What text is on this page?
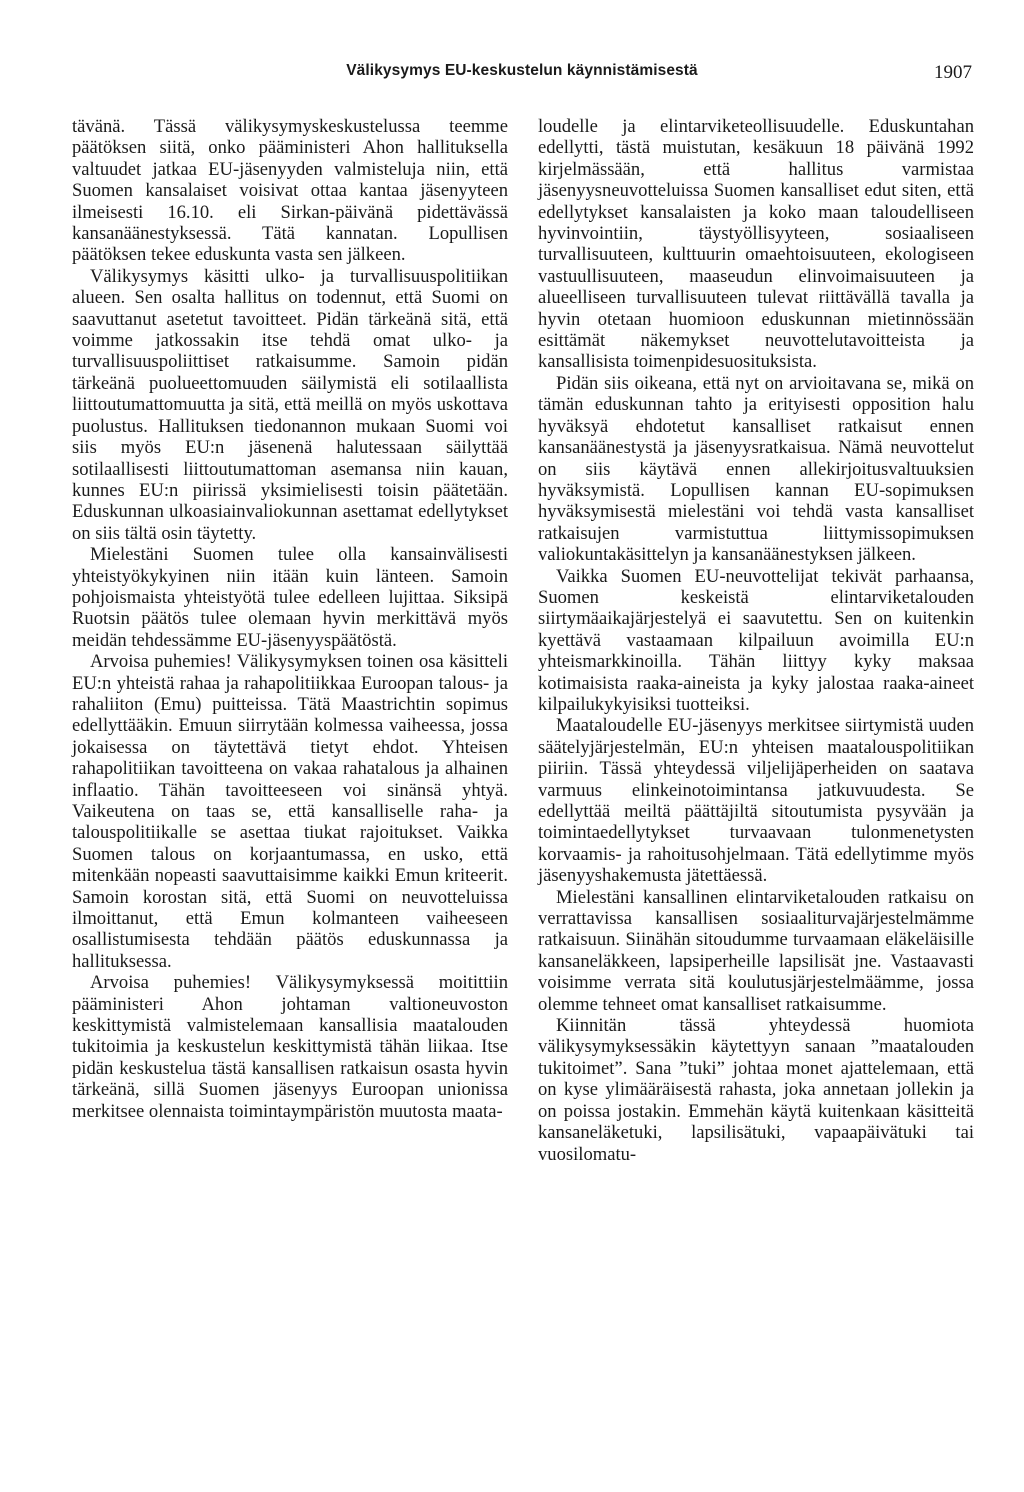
Välikysymys EU-keskustelun käynnistämisestä	1907

tävänä. Tässä välikysymyskeskustelussa teemme päätöksen siitä, onko pääministeri Ahon hallituksella valtuudet jatkaa EU-jäsenyyden valmisteluja niin, että Suomen kansalaiset voisivat ottaa kantaa jäsenyyteen ilmeisesti 16.10. eli Sirkan-päivänä pidettävässä kansanäänestyksessä. Tätä kannatan. Lopullisen päätöksen tekee eduskunta vasta sen jälkeen.

Välikysymys käsitti ulko- ja turvallisuuspolitiikan alueen. Sen osalta hallitus on todennut, että Suomi on saavuttanut asetetut tavoitteet. Pidän tärkeänä sitä, että voimme jatkossakin itse tehdä omat ulko- ja turvallisuuspoliittiset ratkaisumme. Samoin pidän tärkeänä puolueettomuuden säilymistä eli sotilaallista liittoutumattomuutta ja sitä, että meillä on myös uskottava puolustus. Hallituksen tiedonannon mukaan Suomi voi siis myös EU:n jäsenenä halutessaan säilyttää sotilaallisesti liittoutumattoman asemansa niin kauan, kunnes EU:n piirissä yksimielisesti toisin päätetään. Eduskunnan ulkoasiainvaliokunnan asettamat edellytykset on siis tältä osin täytetty.

Mielestäni Suomen tulee olla kansainvälisesti yhteistyökykyinen niin itään kuin länteen. Samoin pohjoismaista yhteistyötä tulee edelleen lujittaa. Siksipä Ruotsin päätös tulee olemaan hyvin merkittävä myös meidän tehdessämme EU-jäsenyyspäätöstä.

Arvoisa puhemies! Välikysymyksen toinen osa käsitteli EU:n yhteistä rahaa ja rahapolitiikkaa Euroopan talous- ja rahaliiton (Emu) puitteissa. Tätä Maastrichtin sopimus edellyttääkin. Emuun siirrytään kolmessa vaiheessa, jossa jokaisessa on täytettävä tietyt ehdot. Yhteisen rahapolitiikan tavoitteena on vakaa rahatalous ja alhainen inflaatio. Tähän tavoitteeseen voi sinänsä yhtyä. Vaikeutena on taas se, että kansalliselle raha- ja talouspolitiikalle se asettaa tiukat rajoitukset. Vaikka Suomen talous on korjaantumassa, en usko, että mitenkään nopeasti saavuttaisimme kaikki Emun kriteerit. Samoin korostan sitä, että Suomi on neuvotteluissa ilmoittanut, että Emun kolmanteen vaiheeseen osallistumisesta tehdään päätös eduskunnassa ja hallituksessa.

Arvoisa puhemies! Välikysymyksessä moitittiin pääministeri Ahon johtaman valtioneuvoston keskittymistä valmistelemaan kansallisia maatalouden tukitoimia ja keskustelun keskittymistä tähän liikaa. Itse pidän keskustelua tästä kansallisen ratkaisun osasta hyvin tärkeänä, sillä Suomen jäsenyys Euroopan unionissa merkitsee olennaista toimintaympäristön muutosta maata-

loudelle ja elintarviketeollisuudelle. Eduskuntahan edellytti, tästä muistutan, kesäkuun 18 päivänä 1992 kirjelmässään, että hallitus varmistaa jäsenyysneuvotteluissa Suomen kansalliset edut siten, että edellytykset kansalaisten ja koko maan taloudelliseen hyvinvointiin, täystyöllisyyteen, sosiaaliseen turvallisuuteen, kulttuurin omaehtoisuuteen, ekologiseen vastuullisuuteen, maaseudun elinvoimaisuuteen ja alueelliseen turvallisuuteen tulevat riittävällä tavalla ja hyvin otetaan huomioon eduskunnan mietinnössään esittämät näkemykset neuvottelutavoitteista ja kansallisista toimenpidesuosituksista.

Pidän siis oikeana, että nyt on arvioitavana se, mikä on tämän eduskunnan tahto ja erityisesti opposition halu hyväksyä ehdotetut kansalliset ratkaisut ennen kansanäänestystä ja jäsenyysratkaisua. Nämä neuvottelut on siis käytävä ennen allekirjoitusvaltuuksien hyväksymistä. Lopullisen kannan EU-sopimuksen hyväksymisestä mielestäni voi tehdä vasta kansalliset ratkaisujen varmistuttua liittymissopimuksen valiokuntakäsittelyn ja kansanäänestyksen jälkeen.

Vaikka Suomen EU-neuvottelijat tekivät parhaansa, Suomen keskeistä elintarviketalouden siirtymäaikajärjestelyä ei saavutettu. Sen on kuitenkin kyettävä vastaamaan kilpailuun avoimilla EU:n yhteismarkkinoilla. Tähän liittyy kyky maksaa kotimaisista raaka-aineista ja kyky jalostaa raaka-aineet kilpailukykyisiksi tuotteiksi.

Maataloudelle EU-jäsenyys merkitsee siirtymistä uuden säätelyjärjestelmän, EU:n yhteisen maatalouspolitiikan piiriin. Tässä yhteydessä viljelijäperheiden on saatava varmuus elinkeinotoimintansa jatkuvuudesta. Se edellyttää meiltä päättäjiltä sitoutumista pysyvään ja toimintaedellytykset turvaavaan tulonmenetysten korvaamis- ja rahoitusohjelmaan. Tätä edellytimme myös jäsenyyshakemusta jätettäessä.

Mielestäni kansallinen elintarviketalouden ratkaisu on verrattavissa kansallisen sosiaaliturvajärjestelmämme ratkaisuun. Siinähän sitoudumme turvaamaan eläkeläisille kansaneläkkeen, lapsiperheille lapsilisät jne. Vastaavasti voisimme verrata sitä koulutusjärjestelmäämme, jossa olemme tehneet omat kansalliset ratkaisumme.

Kiinnitän tässä yhteydessä huomiota välikysymyksessäkin käytettyyn sanaan ”maatalouden tukitoimet”. Sana ”tuki” johtaa monet ajattelemaan, että on kyse ylimääräisestä rahasta, joka annetaan jollekin ja on poissa jostakin. Emmehän käytä kuitenkaan käsitteitä kansaneläketuki, lapsilisätuki, vapaapäivätuki tai vuosilomatu-
